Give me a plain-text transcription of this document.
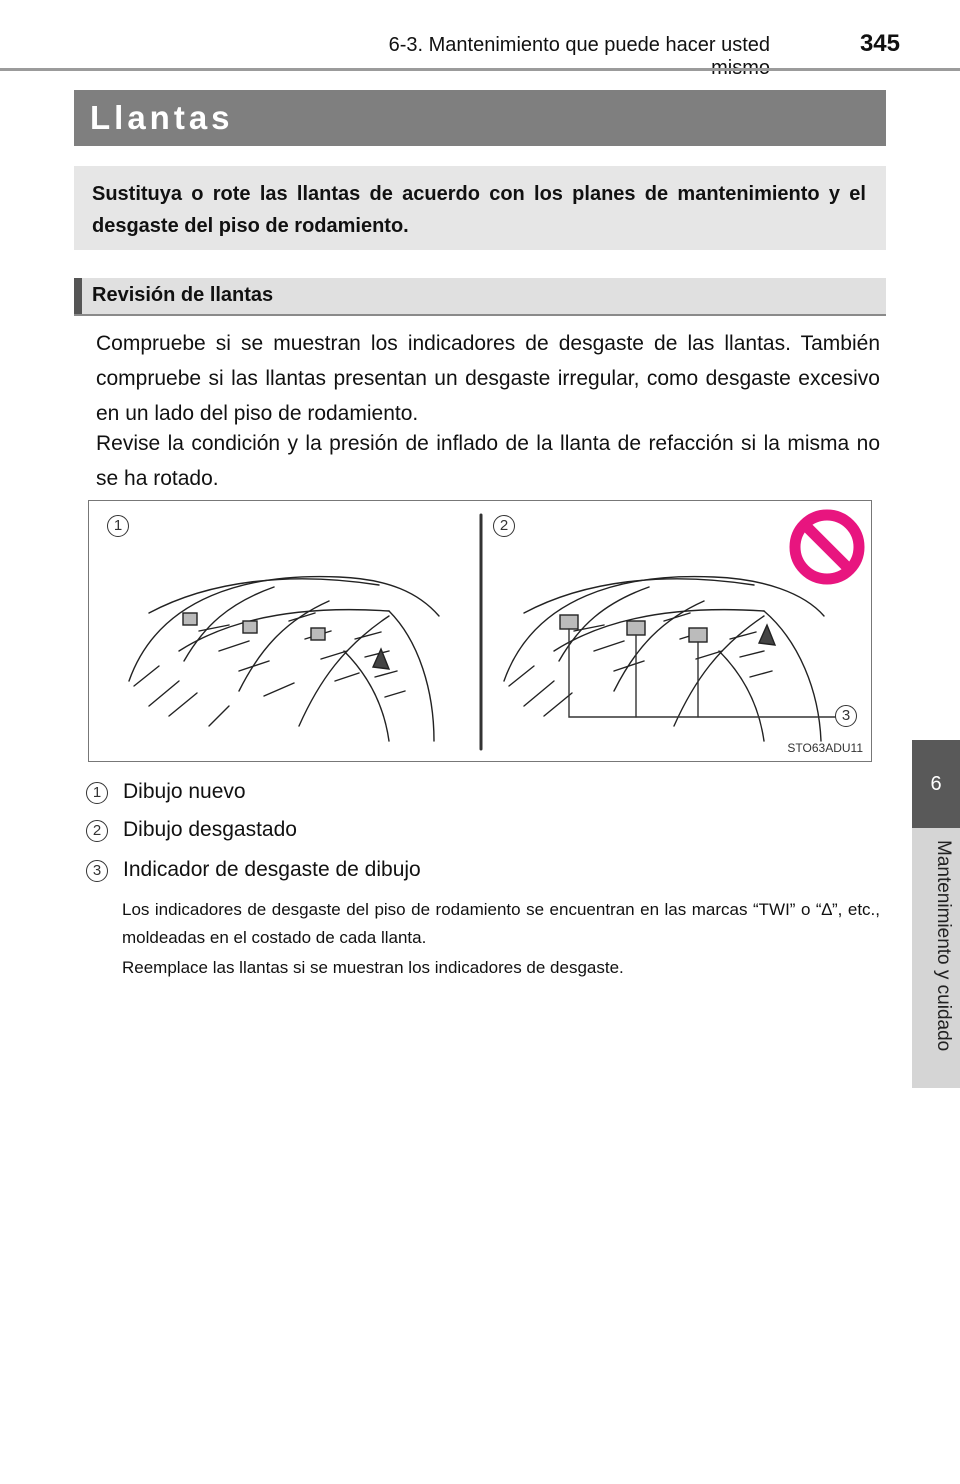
6-3. Mantenimiento que puede hacer usted	345
6
Mantenimiento y cuidado
Llantas
Sustituya o rote las llantas de acuerdo con los planes de mantenimiento y el desgaste del piso de rodamiento.
Revisión de llantas

Compruebe si se muestran los indicadores de desgaste de las llantas. También compruebe si las llantas presentan un desgaste irregular, como desgaste excesivo en un lado del piso de rodamiento.

Revise la condición y la presión de inflado de la llanta de refacción si la misma no se ha rotado.

1	2
3
STO63ADU11
1	Dibujo nuevo
2	Dibujo desgastado
3	Indicador de desgaste de dibujo

Los indicadores de desgaste del piso de rodamiento se encuentran en las marcas “TWI” o “∆”, etc., moldeadas en el costado de cada llanta.

Reemplace las llantas si se muestran los indicadores de desgaste.
